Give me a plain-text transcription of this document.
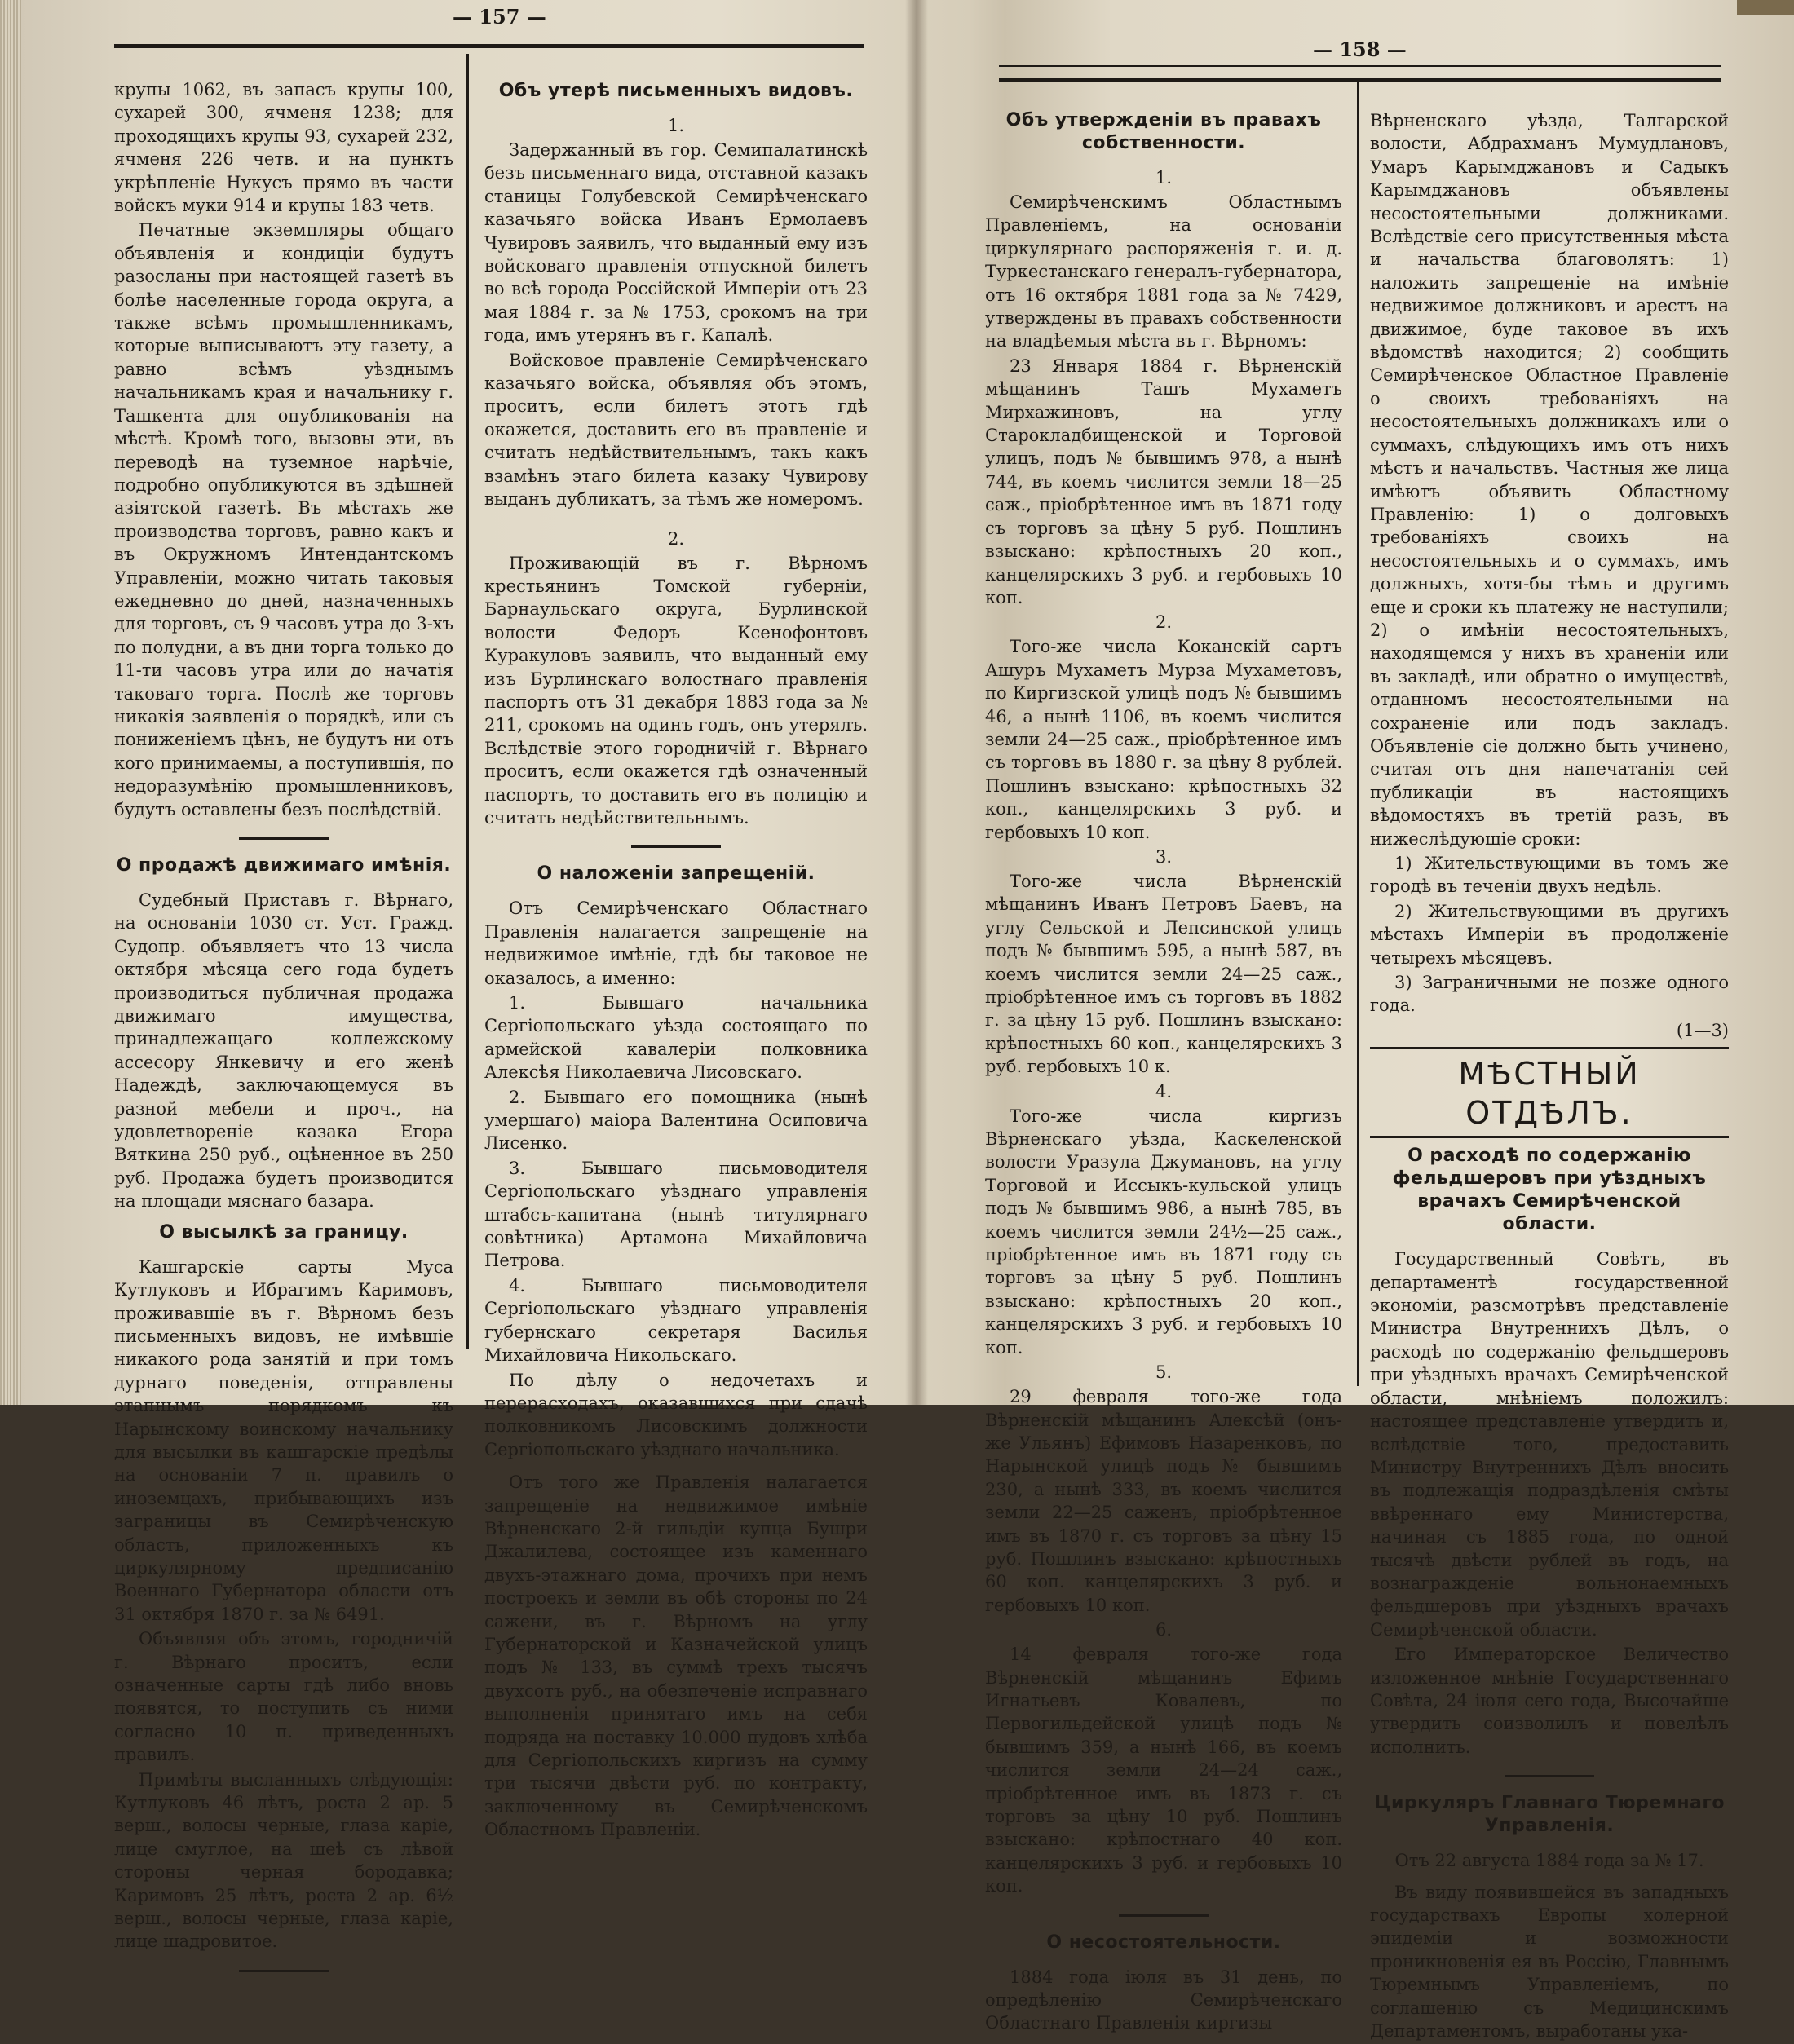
— 157 —

крупы 1062, въ запасъ крупы 100, сухарей 300, ячменя 1238; для проходящихъ крупы 93, сухарей 232, ячменя 226 четв. и на пунктъ укрѣпленіе Нукусъ прямо въ части войскъ муки 914 и крупы 183 четв.

Печатные экземпляры общаго объявленія и кондиціи будутъ разосланы при настоящей газетѣ въ болѣе населенные города округа, а также всѣмъ промышленникамъ, которые выписываютъ эту газету, а равно всѣмъ уѣзднымъ начальникамъ края и начальнику г. Ташкента для опубликованія на мѣстѣ. Кромѣ того, вызовы эти, въ переводѣ на туземное нарѣчіе, подробно опубликуются въ здѣшней азіятской газетѣ. Въ мѣстахъ же производства торговъ, равно какъ и въ Окружномъ Интендантскомъ Управленіи, можно читать таковыя ежедневно до дней, назначенныхъ для торговъ, съ 9 часовъ утра до 3-хъ по полудни, а въ дни торга только до 11-ти часовъ утра или до начатія таковаго торга. Послѣ же торговъ никакія заявленія о порядкѣ, или съ пониженіемъ цѣнъ, не будутъ ни отъ кого принимаемы, а поступившія, по недоразумѣнію промышленниковъ, будутъ оставлены безъ послѣдствій.

О продажѣ движимаго имѣнія.

Судебный Приставъ г. Вѣрнаго, на основаніи 1030 ст. Уст. Гражд. Судопр. объявляетъ что 13 числа октября мѣсяца сего года будетъ производиться публичная продажа движимаго имущества, принадлежащаго коллежскому ассесору Янкевичу и его женѣ Надеждѣ, заключающемуся въ разной мебели и проч., на удовлетвореніе казака Егора Вяткина 250 руб., оцѣненное въ 250 руб. Продажа будетъ производится на площади мяснаго базара.

О высылкѣ за границу.

Кашгарскіе сарты Муса Кутлуковъ и Ибрагимъ Каримовъ, проживавшіе въ г. Вѣрномъ безъ письменныхъ видовъ, не имѣвшіе никакого рода занятій и при томъ дурнаго поведенія, отправлены этапнымъ порядкомъ къ Нарынскому воинскому начальнику для высылки въ кашгарскіе предѣлы на основаніи 7 п. правилъ о иноземцахъ, прибывающихъ изъ заграницы въ Семирѣченскую область, приложенныхъ къ циркулярному предписанію Военнаго Губернатора области отъ 31 октября 1870 г. за № 6491.

Объявляя объ этомъ, городничій г. Вѣрнаго проситъ, если означенные сарты гдѣ либо вновь появятся, то поступить съ ними согласно 10 п. приведенныхъ правилъ.

Примѣты высланныхъ слѣдующія: Кутлуковъ 46 лѣтъ, роста 2 ар. 5 верш., волосы черные, глаза каріе, лице смуглое, на шеѣ съ лѣвой стороны черная бородавка; Каримовъ 25 лѣтъ, роста 2 ар. 6½ верш., волосы черные, глаза каріе, лице шадровитое.

Объ утерѣ письменныхъ видовъ.
1.

Задержанный въ гор. Семипалатинскѣ безъ письменнаго вида, отставной казакъ станицы Голубевской Семирѣченскаго казачьяго войска Иванъ Ермолаевъ Чувировъ заявилъ, что выданный ему изъ войсковаго правленія отпускной билетъ во всѣ города Россійской Имперіи отъ 23 мая 1884 г. за № 1753, срокомъ на три года, имъ утерянъ въ г. Капалѣ.

Войсковое правленіе Семирѣченскаго казачьяго войска, объявляя объ этомъ, проситъ, если билетъ этотъ гдѣ окажется, доставить его въ правленіе и считать недѣйствительнымъ, такъ какъ взамѣнъ этаго билета казаку Чувирову выданъ дубликатъ, за тѣмъ же номеромъ.

2.

Проживающій въ г. Вѣрномъ крестьянинъ Томской губерніи, Барнаульскаго округа, Бурлинской волости Федоръ Ксенофонтовъ Куракуловъ заявилъ, что выданный ему изъ Бурлинскаго волостнаго правленія паспортъ отъ 31 декабря 1883 года за № 211, срокомъ на одинъ годъ, онъ утерялъ. Вслѣдствіе этого городничій г. Вѣрнаго проситъ, если окажется гдѣ означенный паспортъ, то доставить его въ полицію и считать недѣйствительнымъ.

О наложеніи запрещеній.

Отъ Семирѣченскаго Областнаго Правленія налагается запрещеніе на недвижимое имѣніе, гдѣ бы таковое не оказалось, а именно:

1. Бывшаго начальника Сергіопольскаго уѣзда состоящаго по армейской кавалеріи полковника Алексѣя Николаевича Лисовскаго.

2. Бывшаго его помощника (нынѣ умершаго) маіора Валентина Осиповича Лисенко.

3. Бывшаго письмоводителя Сергіопольскаго уѣзднаго управленія штабсъ-капитана (нынѣ титулярнаго совѣтника) Артамона Михайловича Петрова.

4. Бывшаго письмоводителя Сергіопольскаго уѣзднаго управленія губернскаго секретаря Василья Михайловича Никольскаго.

По дѣлу о недочетахъ и перерасходахъ, оказавшихся при сдачѣ полковникомъ Лисовскимъ должности Сергіопольскаго уѣзднаго начальника.

Отъ того же Правленія налагается запрещеніе на недвижимое имѣніе Вѣрненскаго 2-й гильдіи купца Бушри Джалилева, состоящее изъ каменнаго двухъ-этажнаго дома, прочихъ при немъ построекъ и земли въ обѣ стороны по 24 сажени, въ г. Вѣрномъ на углу Губернаторской и Казначейской улицъ подъ № 133, въ суммѣ трехъ тысячъ двухсотъ руб., на обезпеченіе исправнаго выполненія принятаго имъ на себя подряда на поставку 10.000 пудовъ хлѣба для Сергіопольскихъ киргизъ на сумму три тысячи двѣсти руб. по контракту, заключенному въ Семирѣченскомъ Областномъ Правленіи.

— 158 —
Объ утвержденіи въ правахъ собственности.
1.

Семирѣченскимъ Областнымъ Правленіемъ, на основаніи циркулярнаго распоряженія г. и. д. Туркестанскаго генералъ-губернатора, отъ 16 октября 1881 года за № 7429, утверждены въ правахъ собственности на владѣемыя мѣста въ г. Вѣрномъ:

23 Января 1884 г. Вѣрненскій мѣщанинъ Ташъ Мухаметъ Мирхажиновъ, на углу Старокладбищенской и Торговой улицъ, подъ № бывшимъ 978, а нынѣ 744, въ коемъ числится земли 18—25 саж., пріобрѣтенное имъ въ 1871 году съ торговъ за цѣну 5 руб. Пошлинъ взыскано: крѣпостныхъ 20 коп., канцелярскихъ 3 руб. и гербовыхъ 10 коп.

2.

Того-же числа Коканскій сартъ Ашуръ Мухаметъ Мурза Мухаметовъ, по Киргизской улицѣ подъ № бывшимъ 46, а нынѣ 1106, въ коемъ числится земли 24—25 саж., пріобрѣтенное имъ съ торговъ въ 1880 г. за цѣну 8 рублей. Пошлинъ взыскано: крѣпостныхъ 32 коп., канцелярскихъ 3 руб. и гербовыхъ 10 коп.

3.

Того-же числа Вѣрненскій мѣщанинъ Иванъ Петровъ Баевъ, на углу Сельской и Лепсинской улицъ подъ № бывшимъ 595, а нынѣ 587, въ коемъ числится земли 24—25 саж., пріобрѣтенное имъ съ торговъ въ 1882 г. за цѣну 15 руб. Пошлинъ взыскано: крѣпостныхъ 60 коп., канцелярскихъ 3 руб. гербовыхъ 10 к.

4.

Того-же числа киргизъ Вѣрненскаго уѣзда, Каскеленской волости Уразула Джумановъ, на углу Торговой и Иссыкъ-кульской улицъ подъ № бывшимъ 986, а нынѣ 785, въ коемъ числится земли 24½—25 саж., пріобрѣтенное имъ въ 1871 году съ торговъ за цѣну 5 руб. Пошлинъ взыскано: крѣпостныхъ 20 коп., канцелярскихъ 3 руб. и гербовыхъ 10 коп.

5.

29 февраля того-же года Вѣрненскій мѣщанинъ Алексѣй (онъ-же Ульянъ) Ефимовъ Назаренковъ, по Нарынской улицѣ подъ № бывшимъ 230, а нынѣ 333, въ коемъ числится земли 22—25 саженъ, пріобрѣтенное имъ въ 1870 г. съ торговъ за цѣну 15 руб. Пошлинъ взыскано: крѣпостныхъ 60 коп. канцелярскихъ 3 руб. и гербовыхъ 10 коп.

6.

14 февраля того-же года Вѣрненскій мѣщанинъ Ефимъ Игнатьевъ Ковалевъ, по Первогильдейской улицѣ подъ № бывшимъ 359, а нынѣ 166, въ коемъ числится земли 24—24 саж., пріобрѣтенное имъ въ 1873 г. съ торговъ за цѣну 10 руб. Пошлинъ взыскано: крѣпостнаго 40 коп. канцелярскихъ 3 руб. и гербовыхъ 10 коп.

О несостоятельности.

1884 года іюля въ 31 день, по опредѣленію Семирѣченскаго Областнаго Правленія киргизы

Вѣрненскаго уѣзда, Талгарской волости, Абдрахманъ Мумудлановъ, Умаръ Карымджановъ и Садыкъ Карымджановъ объявлены несостоятельными должниками. Вслѣдствіе сего присутственныя мѣста и начальства благоволятъ: 1) наложить запрещеніе на имѣніе недвижимое должниковъ и арестъ на движимое, буде таковое въ ихъ вѣдомствѣ находится; 2) сообщить Семирѣченское Областное Правленіе о своихъ требованіяхъ на несостоятельныхъ должникахъ или о суммахъ, слѣдующихъ имъ отъ нихъ мѣстъ и начальствъ. Частныя же лица имѣютъ объявить Областному Правленію: 1) о долговыхъ требованіяхъ своихъ на несостоятельныхъ и о суммахъ, имъ должныхъ, хотя-бы тѣмъ и другимъ еще и сроки къ платежу не наступили; 2) о имѣніи несостоятельныхъ, находящемся у нихъ въ храненіи или въ закладѣ, или обратно о имуществѣ, отданномъ несостоятельными на сохраненіе или подъ закладъ. Объявленіе сіе должно быть учинено, считая отъ дня напечатанія сей публикаціи въ настоящихъ вѣдомостяхъ въ третій разъ, въ нижеслѣдующіе сроки:

1) Жительствующими въ томъ же городѣ въ теченіи двухъ недѣль.

2) Жительствующими въ другихъ мѣстахъ Имперіи въ продолженіе четырехъ мѣсяцевъ.

3) Заграничными не позже одного года.

(1—3)
МѢСТНЫЙ ОТДѢЛЪ.
О расходѣ по содержанію фельдшеровъ при уѣздныхъ врачахъ Семирѣченской области.

Государственный Совѣтъ, въ департаментѣ государственной экономіи, разсмотрѣвъ представленіе Министра Внутреннихъ Дѣлъ, о расходѣ по содержанію фельдшеровъ при уѣздныхъ врачахъ Семирѣченской области, мнѣніемъ положилъ: настоящее представленіе утвердить и, вслѣдствіе того, предоставить Министру Внутреннихъ Дѣлъ вносить въ подлежащія подраздѣленія смѣты ввѣреннаго ему Министерства, начиная съ 1885 года, по одной тысячѣ двѣсти рублей въ годъ, на вознагражденіе вольнонаемныхъ фельдшеровъ при уѣздныхъ врачахъ Семирѣченской области.

Его Императорское Величество изложенное мнѣніе Государственнаго Совѣта, 24 іюля сего года, Высочайше утвердить соизволилъ и повелѣлъ исполнить.

Циркуляръ Главнаго Тюремнаго Управленія.

Отъ 22 августа 1884 года за № 17.

Въ виду появившейся въ западныхъ государствахъ Европы холерной эпидеміи и возможности проникновенія ея въ Россію, Главнымъ Тюремнымъ Управленіемъ, по соглашенію съ Медицинскимъ Департаментомъ, выработаны ука-
